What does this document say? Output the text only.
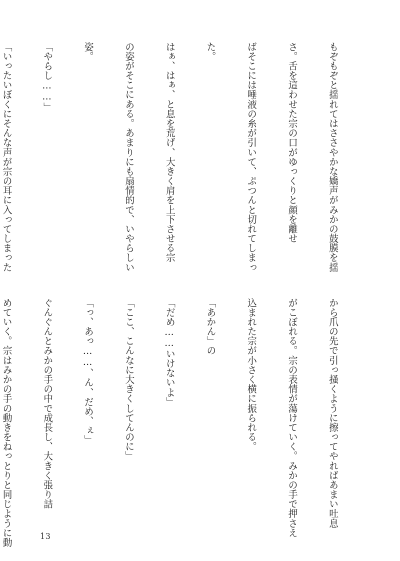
もぞもぞと揺れてはささやかな嬌声がみかの鼓膜を揺

さ。舌を這わせた宗の口がゆっくりと顔を離せ

ばそこには唾液の糸が引いて、ぷつんと切れてしまっ

た。

はぁ、はぁ、と息を荒げ、大きく肩を上下させる宗

の姿がそこにある。あまりにも扇情的で、いやらしい

姿。

「やらし……」

「いったいぼくにそんな声が宗の耳に入ってしまった

から爪の先で引っ掻くように擦ってやればあまい吐息

がこぼれる。宗の表情が蕩けていく。みかの手で押さえ

込まれた宗が小さく横に振られる。

「あかん」の

「だめ……いけないよ」

「ここ、こんなに大きくしてんのに」

「っ、あっ……、ん、だめ、ぇ」

ぐんぐんとみかの手の中で成長し、大きく張り詰

めていく。宗はみかの手の動きをねっとりと同じように動

	13
